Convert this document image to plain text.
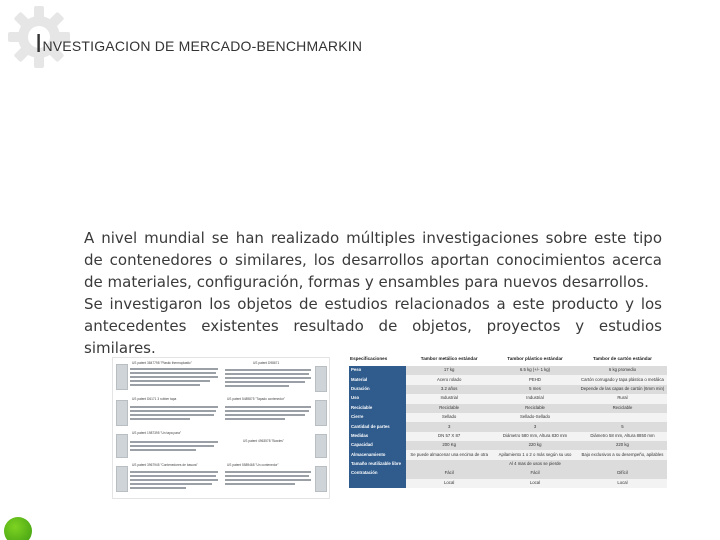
INVESTIGACION DE MERCADO-BENCHMARKIN

A nivel mundial se han realizado múltiples investigaciones sobre este tipo de contenedores o similares, los desarrollos aportan conocimientos acerca de materiales, configuración, formas y ensambles para nuevos desarrollos.

Se investigaron los objetos de estudios relacionados a este producto y los antecedentes existentes resultado de objetos, proyectos y estudios similares.

US patent 3847798 "Plastic thermoplastic"
US patent D6171 3 rubber tapa
US patent 1987395 "Un tapa para"
US patent 3967945 "Contenedores de basura"
US patent D98671
US patent 5489875 "Tapado contenedor"
US patent 4963578 "Bowles"
US patent 5589468 "Un contenedor"
Especificaciones	Tambor metálico estándar	Tambor plástico estándar	Tambor de cartón estándar
Peso	17 kg	6.5 kg (+/- 1 kg)	6 kg promedio
Material	Acero rolado	PEHD	Cartón corrugado y tapa plástica o metálica
Duración	3.2 años	5 mes	Depende de las capas de cartón (6mm min)
Uso	Industrial	Industrial	Rural
Reciclable	Reciclable	Reciclable	Reciclable
Cierre	Sellado	Sellado-Sellado	
Cantidad de partes	3	3	5
Medidas	DN 57 X 87	Diámetro 580 mm, Altura 830 mm	Diámetro 58 mm, Altura 8850 mm

Capacidad	200 Kg	220 kg	220 kg
Almacenamiento	Se puede almacenar una encima de otra	Apilamiento 1 o 2 o más según su uso	Bajo exclusivos a su desempeño, apilables
Tamaño reutilizable libre		Al 4 mas de usos se pierde	

Contratación	Fácil	Fácil	Difícil
	Local	Local	Local
